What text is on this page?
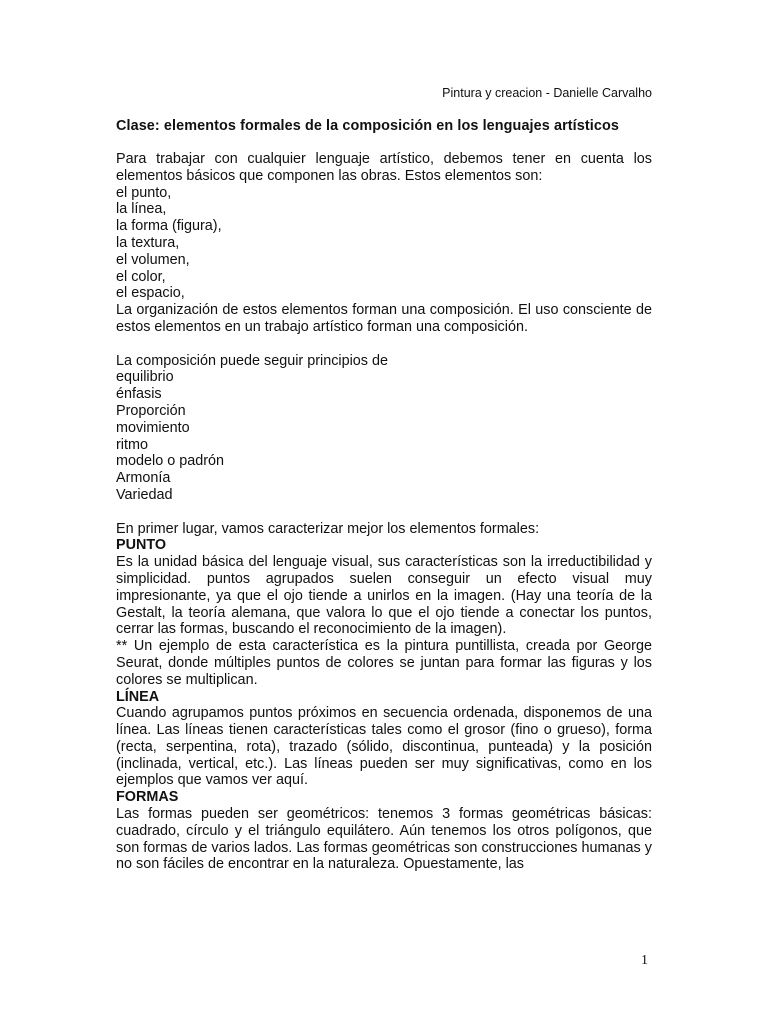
Pintura y creacion - Danielle Carvalho
Clase: elementos formales de la composición en los lenguajes artísticos

Para trabajar con cualquier lenguaje artístico, debemos tener en cuenta los elementos básicos que componen las obras. Estos elementos son:

el punto,
la línea,
la forma (figura),
la textura,
el volumen,
el color,
el espacio,

La organización de estos elementos forman una composición. El uso consciente de estos elementos en un trabajo artístico forman una composición.

La composición puede seguir principios de
equilibrio
énfasis
Proporción
movimiento
ritmo
modelo o padrón
Armonía
Variedad
En primer lugar, vamos caracterizar mejor los elementos formales:
PUNTO

Es la unidad básica del lenguaje visual, sus características son la irreductibilidad y simplicidad. puntos agrupados suelen conseguir un efecto visual muy impresionante, ya que el ojo tiende a unirlos en la imagen. (Hay una teoría de la Gestalt, la teoría alemana, que valora lo que el ojo tiende a conectar los puntos, cerrar las formas, buscando el reconocimiento de la imagen).

** Un ejemplo de esta característica es la pintura puntillista, creada por George Seurat, donde múltiples puntos de colores se juntan para formar las figuras y los colores se multiplican.

LÍNEA

Cuando agrupamos puntos próximos en secuencia ordenada, disponemos de una línea. Las líneas tienen características tales como el grosor (fino o grueso), forma (recta, serpentina, rota), trazado (sólido, discontinua, punteada) y la posición (inclinada, vertical, etc.). Las líneas pueden ser muy significativas, como en los ejemplos que vamos ver aquí.

FORMAS

Las formas pueden ser geométricos: tenemos 3 formas geométricas básicas: cuadrado, círculo y el triángulo equilátero. Aún tenemos los otros polígonos, que son formas de varios lados. Las formas geométricas son construcciones humanas y no son fáciles de encontrar en la naturaleza. Opuestamente, las

1
